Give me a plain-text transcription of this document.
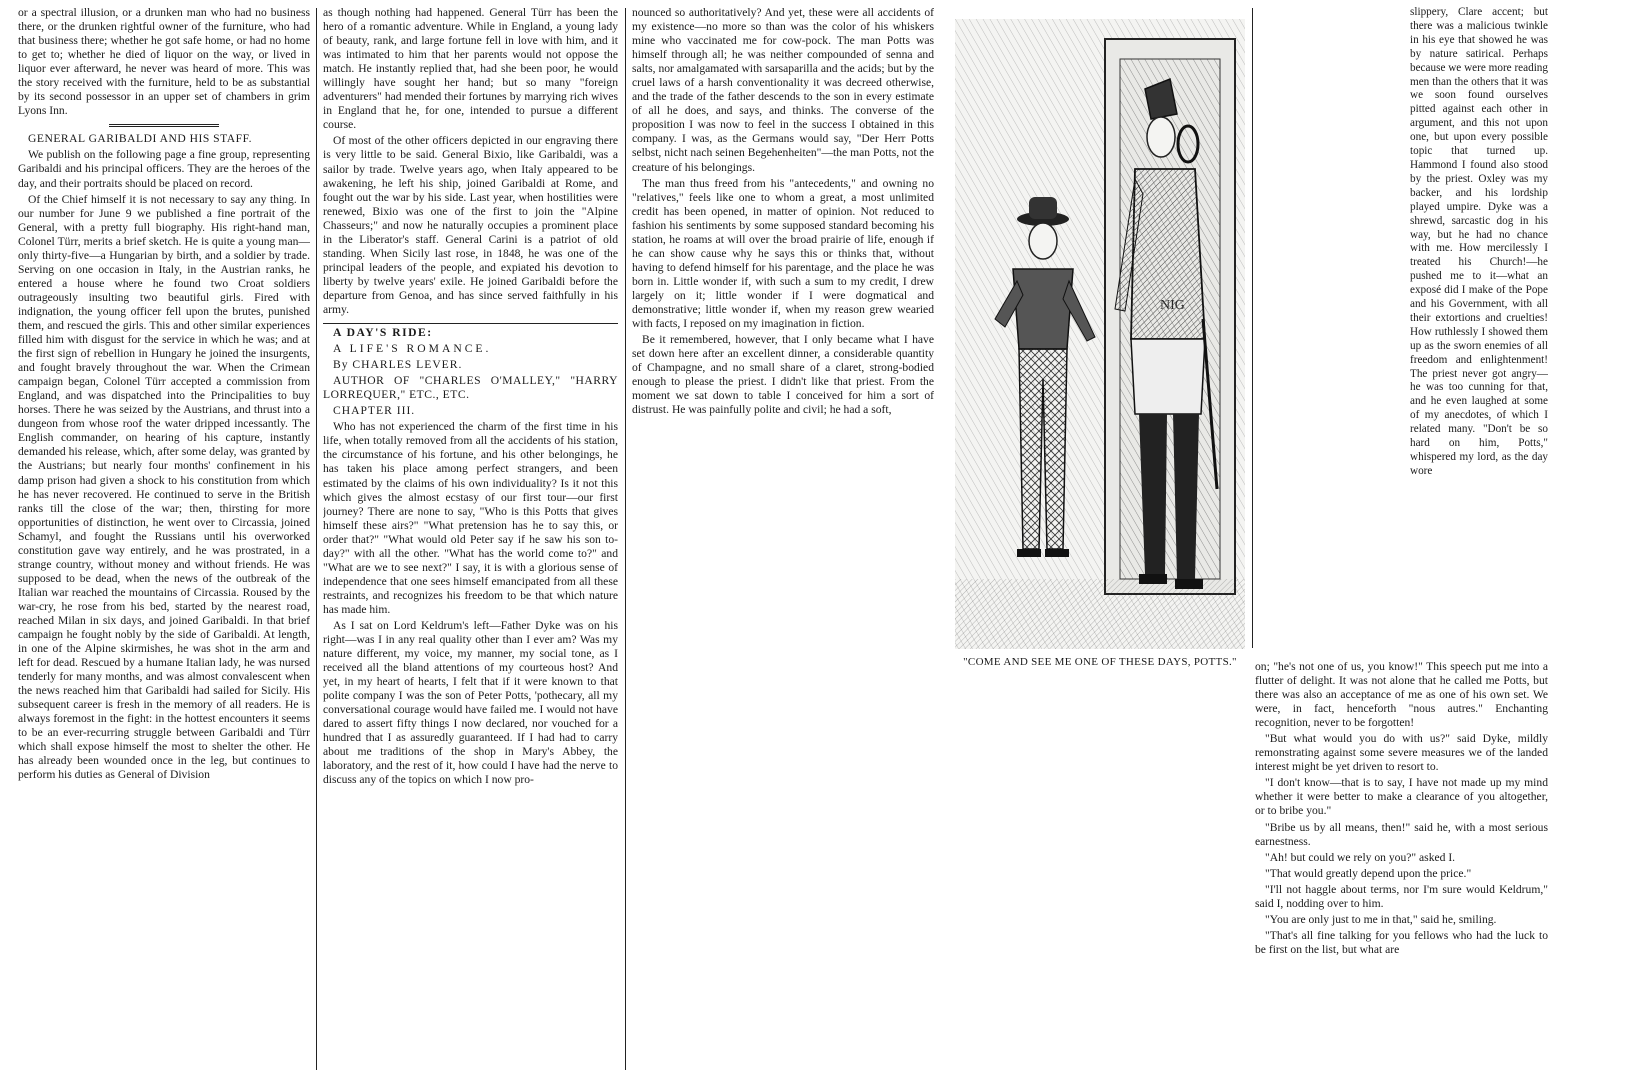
or a spectral illusion, or a drunken man who had no business there, or the drunken rightful owner of the furniture, who had that business there; whether he got safe home, or had no home to get to; whether he died of liquor on the way, or lived in liquor ever afterward, he never was heard of more. This was the story received with the furniture, held to be as substantial by its second possessor in an upper set of chambers in grim Lyons Inn.

GENERAL GARIBALDI AND HIS STAFF.

We publish on the following page a fine group, representing Garibaldi and his principal officers. They are the heroes of the day, and their portraits should be placed on record.

Of the Chief himself it is not necessary to say any thing. In our number for June 9 we published a fine portrait of the General, with a pretty full biography. His right-hand man, Colonel Türr, merits a brief sketch. He is quite a young man—only thirty-five—a Hungarian by birth, and a soldier by trade. Serving on one occasion in Italy, in the Austrian ranks, he entered a house where he found two Croat soldiers outrageously insulting two beautiful girls. Fired with indignation, the young officer fell upon the brutes, punished them, and rescued the girls. This and other similar experiences filled him with disgust for the service in which he was; and at the first sign of rebellion in Hungary he joined the insurgents, and fought bravely throughout the war. When the Crimean campaign began, Colonel Türr accepted a commission from England, and was dispatched into the Principalities to buy horses. There he was seized by the Austrians, and thrust into a dungeon from whose roof the water dripped incessantly. The English commander, on hearing of his capture, instantly demanded his release, which, after some delay, was granted by the Austrians; but nearly four months' confinement in his damp prison had given a shock to his constitution from which he has never recovered. He continued to serve in the British ranks till the close of the war; then, thirsting for more opportunities of distinction, he went over to Circassia, joined Schamyl, and fought the Russians until his overworked constitution gave way entirely, and he was prostrated, in a strange country, without money and without friends. He was supposed to be dead, when the news of the outbreak of the Italian war reached the mountains of Circassia. Roused by the war-cry, he rose from his bed, started by the nearest road, reached Milan in six days, and joined Garibaldi. In that brief campaign he fought nobly by the side of Garibaldi. At length, in one of the Alpine skirmishes, he was shot in the arm and left for dead. Rescued by a humane Italian lady, he was nursed tenderly for many months, and was almost convalescent when the news reached him that Garibaldi had sailed for Sicily. His subsequent career is fresh in the memory of all readers. He is always foremost in the fight: in the hottest encounters it seems to be an ever-recurring struggle between Garibaldi and Türr which shall expose himself the most to shelter the other. He has already been wounded once in the leg, but continues to perform his duties as General of Division

as though nothing had happened. General Türr has been the hero of a romantic adventure. While in England, a young lady of beauty, rank, and large fortune fell in love with him, and it was intimated to him that her parents would not oppose the match. He instantly replied that, had she been poor, he would willingly have sought her hand; but so many "foreign adventurers" had mended their fortunes by marrying rich wives in England that he, for one, intended to pursue a different course.

Of most of the other officers depicted in our engraving there is very little to be said. General Bixio, like Garibaldi, was a sailor by trade. Twelve years ago, when Italy appeared to be awakening, he left his ship, joined Garibaldi at Rome, and fought out the war by his side. Last year, when hostilities were renewed, Bixio was one of the first to join the "Alpine Chasseurs;" and now he naturally occupies a prominent place in the Liberator's staff. General Carini is a patriot of old standing. When Sicily last rose, in 1848, he was one of the principal leaders of the people, and expiated his devotion to liberty by twelve years' exile. He joined Garibaldi before the departure from Genoa, and has since served faithfully in his army.

A DAY'S RIDE:

A LIFE'S ROMANCE.

By CHARLES LEVER.

AUTHOR OF "CHARLES O'MALLEY," "HARRY LORREQUER," ETC., ETC.

CHAPTER III.

Who has not experienced the charm of the first time in his life, when totally removed from all the accidents of his station, the circumstance of his fortune, and his other belongings, he has taken his place among perfect strangers, and been estimated by the claims of his own individuality? Is it not this which gives the almost ecstasy of our first tour—our first journey? There are none to say, "Who is this Potts that gives himself these airs?" "What pretension has he to say this, or order that?" "What would old Peter say if he saw his son to-day?" with all the other. "What has the world come to?" and "What are we to see next?" I say, it is with a glorious sense of independence that one sees himself emancipated from all these restraints, and recognizes his freedom to be that which nature has made him.

As I sat on Lord Keldrum's left—Father Dyke was on his right—was I in any real quality other than I ever am? Was my nature different, my voice, my manner, my social tone, as I received all the bland attentions of my courteous host? And yet, in my heart of hearts, I felt that if it were known to that polite company I was the son of Peter Potts, 'pothecary, all my conversational courage would have failed me. I would not have dared to assert fifty things I now declared, nor vouched for a hundred that I as assuredly guaranteed. If I had had to carry about me traditions of the shop in Mary's Abbey, the laboratory, and the rest of it, how could I have had the nerve to discuss any of the topics on which I now pro-

nounced so authoritatively? And yet, these were all accidents of my existence—no more so than was the color of his whiskers mine who vaccinated me for cow-pock. The man Potts was himself through all; he was neither compounded of senna and salts, nor amalgamated with sarsaparilla and the acids; but by the cruel laws of a harsh conventionality it was decreed otherwise, and the trade of the father descends to the son in every estimate of all he does, and says, and thinks. The converse of the proposition I was now to feel in the success I obtained in this company. I was, as the Germans would say, "Der Herr Potts selbst, nicht nach seinen Begehenheiten"—the man Potts, not the creature of his belongings.

The man thus freed from his "antecedents," and owning no "relatives," feels like one to whom a great, a most unlimited credit has been opened, in matter of opinion. Not reduced to fashion his sentiments by some supposed standard becoming his station, he roams at will over the broad prairie of life, enough if he can show cause why he says this or thinks that, without having to defend himself for his parentage, and the place he was born in. Little wonder if, with such a sum to my credit, I drew largely on it; little wonder if I were dogmatical and demonstrative; little wonder if, when my reason grew wearied with facts, I reposed on my imagination in fiction.

Be it remembered, however, that I only became what I have set down here after an excellent dinner, a considerable quantity of Champagne, and no small share of a claret, strong-bodied enough to please the priest. I didn't like that priest. From the moment we sat down to table I conceived for him a sort of distrust. He was painfully polite and civil; he had a soft,

"COME AND SEE ME ONE OF THESE DAYS, POTTS."

slippery, Clare accent; but there was a malicious twinkle in his eye that showed he was by nature satirical. Perhaps because we were more reading men than the others that it was we soon found ourselves pitted against each other in argument, and this not upon one, but upon every possible topic that turned up. Hammond I found also stood by the priest. Oxley was my backer, and his lordship played umpire. Dyke was a shrewd, sarcastic dog in his way, but he had no chance with me. How mercilessly I treated his Church!—he pushed me to it—what an exposé did I make of the Pope and his Government, with all their extortions and cruelties! How ruthlessly I showed them up as the sworn enemies of all freedom and enlightenment! The priest never got angry—he was too cunning for that, and he even laughed at some of my anecdotes, of which I related many. "Don't be so hard on him, Potts," whispered my lord, as the day wore

on; "he's not one of us, you know!" This speech put me into a flutter of delight. It was not alone that he called me Potts, but there was also an acceptance of me as one of his own set. We were, in fact, henceforth "nous autres." Enchanting recognition, never to be forgotten!

"But what would you do with us?" said Dyke, mildly remonstrating against some severe measures we of the landed interest might be yet driven to resort to.

"I don't know—that is to say, I have not made up my mind whether it were better to make a clearance of you altogether, or to bribe you."

"Bribe us by all means, then!" said he, with a most serious earnestness.

"Ah! but could we rely on you?" asked I.

"That would greatly depend upon the price."

"I'll not haggle about terms, nor I'm sure would Keldrum," said I, nodding over to him.

"You are only just to me in that," said he, smiling.

"That's all fine talking for you fellows who had the luck to be first on the list, but what are
